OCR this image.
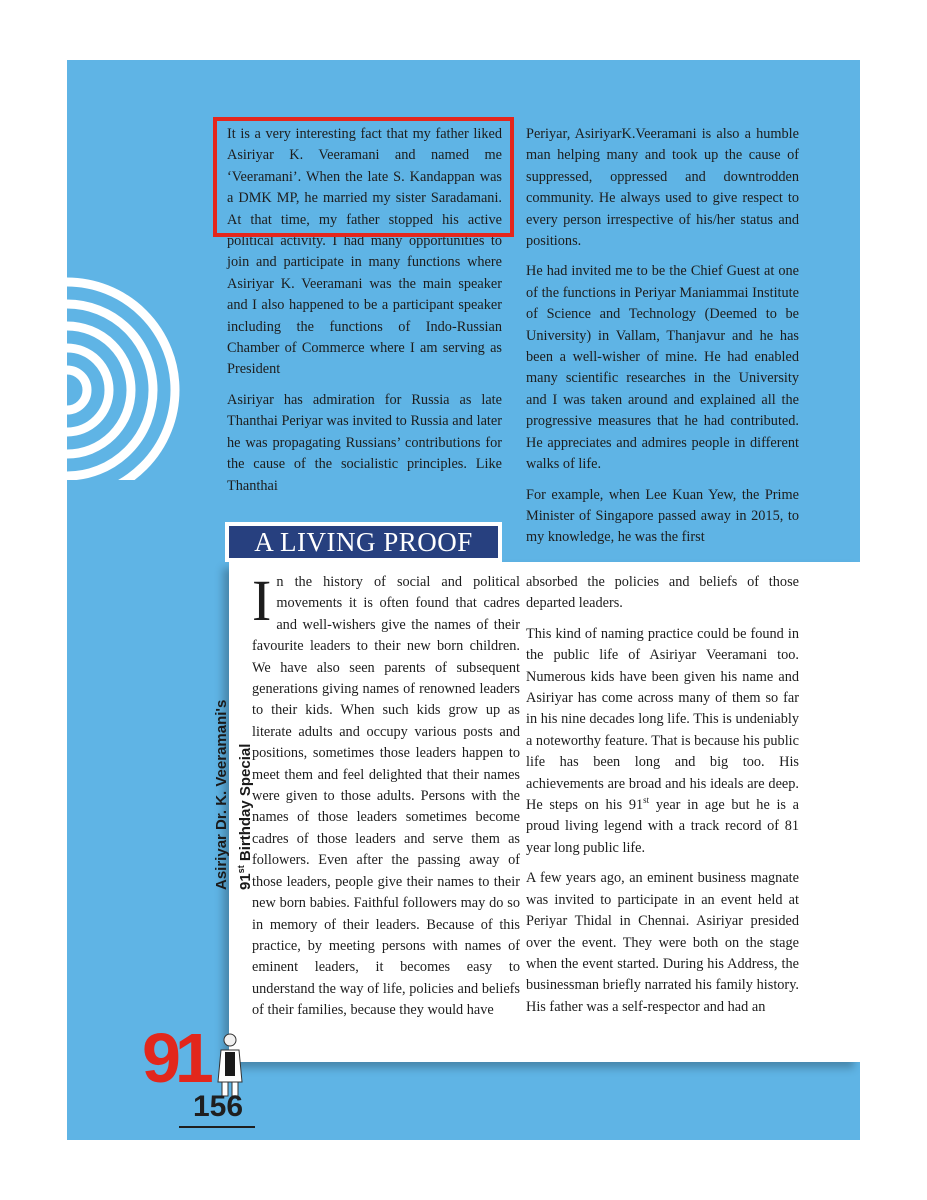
It is a very interesting fact that my father liked Asiriyar K. Veeramani and named me ‘Veeramani’. When the late S. Kandappan was a DMK MP, he married my sister Saradamani. At that time, my father stopped his active political activity. I had many opportunities to join and participate in many functions where Asiriyar K. Veeramani was the main speaker and I also happened to be a participant speaker including the functions of Indo-Russian Chamber of Commerce where I am serving as President

Asiriyar has admiration for Russia as late Thanthai Periyar was invited to Russia and later he was propagating Russians’ contributions for the cause of the socialistic principles. Like Thanthai

Periyar, AsiriyarK.Veeramani is also a humble man helping many and took up the cause of suppressed, oppressed and downtrodden community. He always used to give respect to every person irrespective of his/her status and positions.

He had invited me to be the Chief Guest at one of the functions in Periyar Maniammai Institute of Science and Technology (Deemed to be University) in Vallam, Thanjavur and he has been a well-wisher of mine. He had enabled many scientific researches in the University and I was taken around and explained all the progressive measures that he had contributed. He appreciates and admires people in different walks of life.

For example, when Lee Kuan Yew, the Prime Minister of Singapore passed away in 2015, to my knowledge, he was the first

A LIVING PROOF

In the history of social and political movements it is often found that cadres and well-wishers give the names of their favourite leaders to their new born children. We have also seen parents of subsequent generations giving names of renowned leaders to their kids. When such kids grow up as literate adults and occupy various posts and positions, sometimes those leaders happen to meet them and feel delighted that their names were given to those adults. Persons with the names of those leaders sometimes become cadres of those leaders and serve them as followers. Even after the passing away of those leaders, people give their names to their new born babies. Faithful followers may do so in memory of their leaders. Because of this practice, by meeting persons with names of eminent leaders, it becomes easy to understand the way of life, policies and beliefs of their families, because they would have

absorbed the policies and beliefs of those departed leaders.

This kind of naming practice could be found in the public life of Asiriyar Veeramani too. Numerous kids have been given his name and Asiriyar has come across many of them so far in his nine decades long life. This is undeniably a noteworthy feature. That is because his public life has been long and big too. His achievements are broad and his ideals are deep. He steps on his 91st year in age but he is a proud living legend with a track record of 81 year long public life.

A few years ago, an eminent business magnate was invited to participate in an event held at Periyar Thidal in Chennai. Asiriyar presided over the event. They were both on the stage when the event started. During his Address, the businessman briefly narrated his family history. His father was a self-respector and had an

Asiriyar Dr. K. Veeramani's 91st Birthday Special
91
156
